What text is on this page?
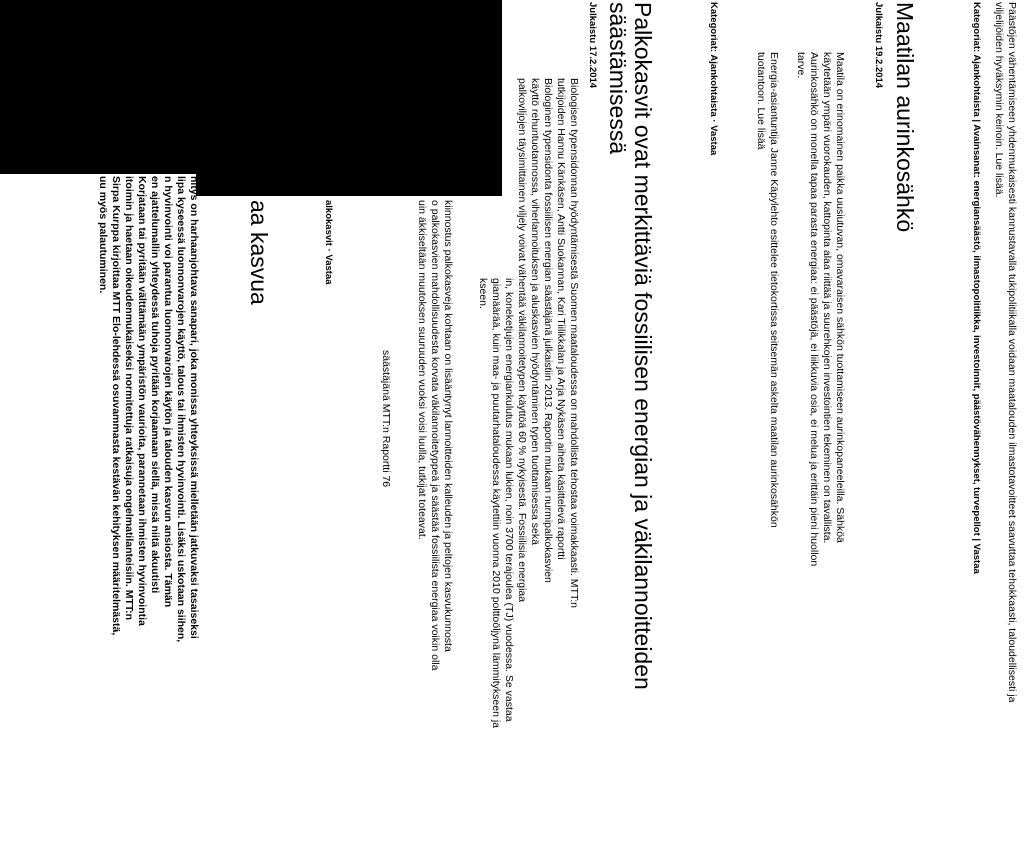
Päästöjen vähentämiseen yhdenmukaisesti kannustavalla tukipolitiikalla voidaan maatalouden ilmastotavoitteet saavuttaa tehokkaasti, taloudellisesti ja
viljelijöiden hyväksymin keinoin. Lue lisää.
Kategoriat: Ajankohtaista | Avainsanat: energiansäästö, ilmastopolitiikka, investoinnit, päästövähennykset, turvepellot | Vastaa
Maatilan aurinkosähkö
Julkaistu 19.2.2014

Maatila on erinomainen paikka uusiutuvan, omavaraisen sähkön tuottamiseen aurinkopaneeleilla. Sähköä

käytetään ympäri vuorokauden, kattopinta alaa riittää ja suurehkojen investointien tekeminen on tavallista.

Aurinkosähkö on monella tapaa parasta energiaa: ei päästöjä, ei liikkuvia osia, ei melua ja erittäin pieni huollon

tarve.

Energia-asiantuntija Janne Käpylehto esittelee tietokortissa seitsemän askelta maatilan aurinkosähkön

tuotantoon. Lue lisää

Kategoriat: Ajankohtaista · Vastaa
Palkokasvit ovat merkittäviä fossiilisen energian ja väkilannoitteiden
säästämisessä
Julkaistu 17.2.2014

Biologisen typensidonnan hyödyntämisestä Suomen maataloudessa on mahdollista tehostaa voimakkaasti. MTT:n

tutkijoiden Hannu Känkäsen, Antti Suokannan, Kari Tiilikkalan ja Arja Nykäsen aiheta käsittelevä raportti

Biologinen typensidonta fossiilisen energian säästäjänä julkaistiin 2013. Raportin mukaan nurmipalkokasvien

käyttö rehuntuotannossa, viherlannoituksen ja aluskasvien hyödyntäminen typen tuottamisessa sekä

palkoviljojen täysimittainen viljely voivat vähentää väkilannoitetypen käyttöä 60 % nykyisestä. Fossiilisia energiaa

in, koneketjujen energiankulutus mukaan lukien, noin 3700 terajoulea (TJ) vuodessa. Se vastaa

giamäärää, kuin maa- ja puutarhataloudessa käytettiin vuonna 2010 polttoöljynä lämmitykseen ja

kseen.

kiinnostus palkokasveja kohtaan on lisääntynyt lannoitteiden kalleuden ja peltojen kasvukunnosta

o palkokasvien mahdollisuudesta korvata väkilannoitetyppeä ja säästää fossiilista energiaa voikin olla

uin äkkiseltään muutoksen suuruuden vuoksi voisi luulla, tutkijat toteavat.

säästäjänä MTT:n Raportti 76
alkokasvit · Vastaa
aa kasvua

hitys on harhaanjohtava sanapari, joka monissa yhteyksissä mielletään jatkuvaksi tasaiseksi

lipa kyseessä luonnonvarojen käyttö, talous tai ihmisten hyvinvointi. Lisäksi uskotaan siihen,

n hyvinvointi voi parantua luonnonvarojen käytön ja talouden kasvun ansiosta. Tämän

en ajattelumallin yhteydessä tuhoja pyritään korjaamaan siellä, missä niitä akuutisti

Korjataan tai pyritään välttämään ympäristön vaurioita, parannetaan ihmisten hyvinvointia

itoimin ja haetaan oikeudenmukaiseksi normitettuja ratkaisuja ongelmatilanteisiin. MTT:n

Sirpa Kurppa kirjoittaa MTT Elo-lehdessä osuvammasta kestävän kehityksen määritelmästä,

uu myös palautuminen.
